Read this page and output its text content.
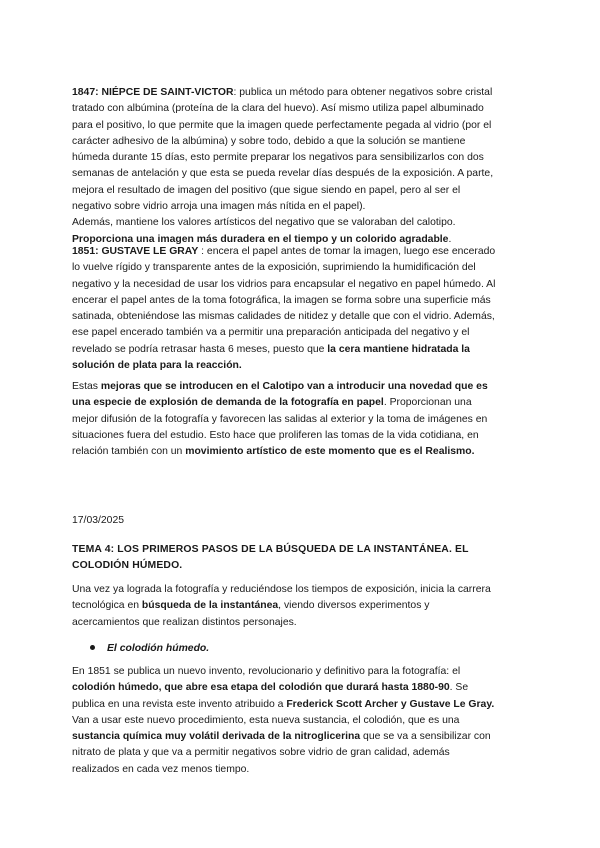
1847: NIÉPCE DE SAINT-VICTOR: publica un método para obtener negativos sobre cristal
tratado con albúmina (proteína de la clara del huevo). Así mismo utiliza papel albuminado
para el positivo, lo que permite que la imagen quede perfectamente pegada al vidrio (por el
carácter adhesivo de la albúmina) y sobre todo, debido a que la solución se mantiene
húmeda durante 15 días, esto permite preparar los negativos para sensibilizarlos con dos
semanas de antelación y que esta se pueda revelar días después de la exposición. A parte,
mejora el resultado de imagen del positivo (que sigue siendo en papel, pero al ser el
negativo sobre vidrio arroja una imagen más nítida en el papel).
Además, mantiene los valores artísticos del negativo que se valoraban del calotipo.
Proporciona una imagen más duradera en el tiempo y un colorido agradable.
1851: GUSTAVE LE GRAY : encera el papel antes de tomar la imagen, luego ese encerado
lo vuelve rígido y transparente antes de la exposición, suprimiendo la humidificación del
negativo y la necesidad de usar los vidrios para encapsular el negativo en papel húmedo. Al
encerar el papel antes de la toma fotográfica, la imagen se forma sobre una superficie más
satinada, obteniéndose las mismas calidades de nitidez y detalle que con el vidrio. Además,
ese papel encerado también va a permitir una preparación anticipada del negativo y el
revelado se podría retrasar hasta 6 meses, puesto que la cera mantiene hidratada la
solución de plata para la reacción.
Estas mejoras que se introducen en el Calotipo van a introducir una novedad que es
una especie de explosión de demanda de la fotografía en papel. Proporcionan una
mejor difusión de la fotografía y favorecen las salidas al exterior y la toma de imágenes en
situaciones fuera del estudio. Esto hace que proliferen las tomas de la vida cotidiana, en
relación también con un movimiento artístico de este momento que es el Realismo.
17/03/2025
TEMA 4: LOS PRIMEROS PASOS DE LA BÚSQUEDA DE LA INSTANTÁNEA. EL
COLODIÓN HÚMEDO.
Una vez ya lograda la fotografía y reduciéndose los tiempos de exposición, inicia la carrera
tecnológica en búsqueda de la instantánea, viendo diversos experimentos y
acercamientos que realizan distintos personajes.
El colodión húmedo.
En 1851 se publica un nuevo invento, revolucionario y definitivo para la fotografía: el
colodión húmedo, que abre esa etapa del colodión que durará hasta 1880-90. Se
publica en una revista este invento atribuido a Frederick Scott Archer y Gustave Le Gray.
Van a usar este nuevo procedimiento, esta nueva sustancia, el colodión, que es una
sustancia química muy volátil derivada de la nitroglicerina que se va a sensibilizar con
nitrato de plata y que va a permitir negativos sobre vidrio de gran calidad, además
realizados en cada vez menos tiempo.
